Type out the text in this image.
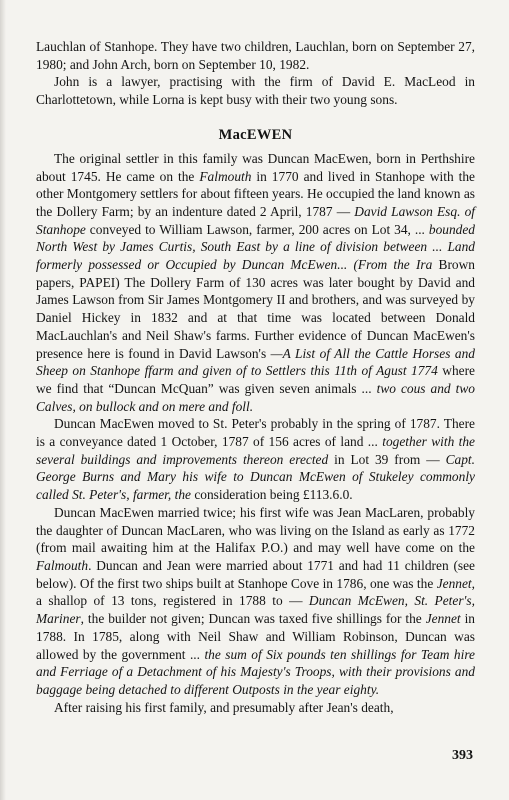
Lauchlan of Stanhope. They have two children, Lauchlan, born on September 27, 1980; and John Arch, born on September 10, 1982.

John is a lawyer, practising with the firm of David E. MacLeod in Charlottetown, while Lorna is kept busy with their two young sons.

MacEWEN

The original settler in this family was Duncan MacEwen, born in Perthshire about 1745. He came on the Falmouth in 1770 and lived in Stanhope with the other Montgomery settlers for about fifteen years. He occupied the land known as the Dollery Farm; by an indenture dated 2 April, 1787 — David Lawson Esq. of Stanhope conveyed to William Lawson, farmer, 200 acres on Lot 34, ... bounded North West by James Curtis, South East by a line of division between ... Land formerly possessed or Occupied by Duncan McEwen... (From the Ira Brown papers, PAPEI) The Dollery Farm of 130 acres was later bought by David and James Lawson from Sir James Montgomery II and brothers, and was surveyed by Daniel Hickey in 1832 and at that time was located between Donald MacLauchlan's and Neil Shaw's farms. Further evidence of Duncan MacEwen's presence here is found in David Lawson's —A List of All the Cattle Horses and Sheep on Stanhope ffarm and given of to Settlers this 11th of Agust 1774 where we find that “Duncan McQuan” was given seven animals ... two cous and two Calves, on bullock and on mere and foll.

Duncan MacEwen moved to St. Peter's probably in the spring of 1787. There is a conveyance dated 1 October, 1787 of 156 acres of land ... together with the several buildings and improvements thereon erected in Lot 39 from — Capt. George Burns and Mary his wife to Duncan McEwen of Stukeley commonly called St. Peter's, farmer, the consideration being £113.6.0.

Duncan MacEwen married twice; his first wife was Jean MacLaren, probably the daughter of Duncan MacLaren, who was living on the Island as early as 1772 (from mail awaiting him at the Halifax P.O.) and may well have come on the Falmouth. Duncan and Jean were married about 1771 and had 11 children (see below). Of the first two ships built at Stanhope Cove in 1786, one was the Jennet, a shallop of 13 tons, registered in 1788 to — Duncan McEwen, St. Peter's, Mariner, the builder not given; Duncan was taxed five shillings for the Jennet in 1788. In 1785, along with Neil Shaw and William Robinson, Duncan was allowed by the government ... the sum of Six pounds ten shillings for Team hire and Ferriage of a Detachment of his Majesty's Troops, with their provisions and baggage being detached to different Outposts in the year eighty.

After raising his first family, and presumably after Jean's death,

393
